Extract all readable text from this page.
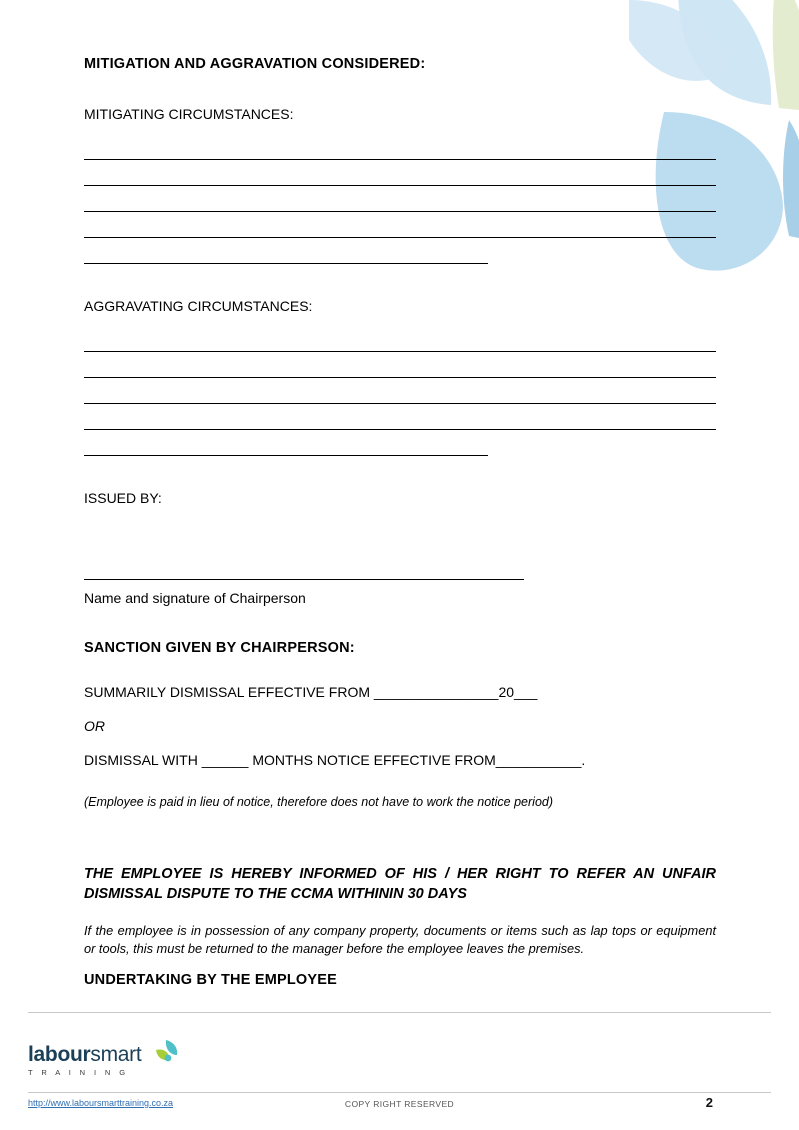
MITIGATION AND AGGRAVATION CONSIDERED:

MITIGATING CIRCUMSTANCES:

AGGRAVATING CIRCUMSTANCES:

ISSUED BY:

Name and signature of Chairperson

SANCTION GIVEN BY CHAIRPERSON:

SUMMARILY DISMISSAL EFFECTIVE FROM ________________20___

OR

DISMISSAL WITH ______ MONTHS NOTICE EFFECTIVE FROM___________.

(Employee is paid in lieu of notice, therefore does not have to work the notice period)

THE EMPLOYEE IS HEREBY INFORMED OF HIS / HER RIGHT TO REFER AN UNFAIR DISMISSAL DISPUTE TO THE CCMA WITHININ 30 DAYS

If the employee is in possession of any company property, documents or items such as lap tops or equipment or tools, this must be returned to the manager before the employee leaves the premises.

UNDERTAKING BY THE EMPLOYEE

laboursmart
T R A I N I N G
http://www.laboursmarttraining.co.za	COPY RIGHT RESERVED	2
